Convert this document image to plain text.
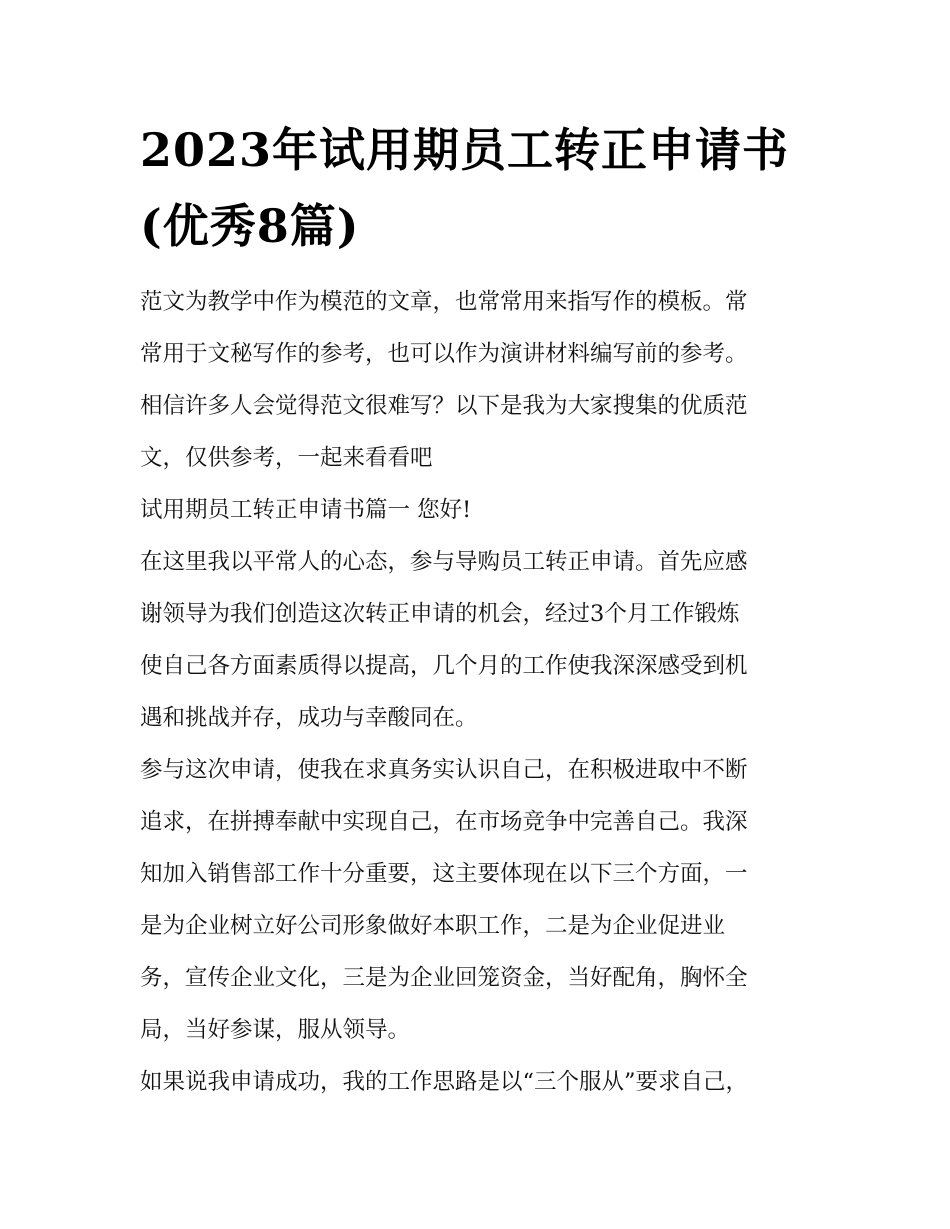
2023年试用期员工转正申请书
(优秀8篇)
范文为教学中作为模范的文章，也常常用来指写作的模板。常
常用于文秘写作的参考，也可以作为演讲材料编写前的参考。
相信许多人会觉得范文很难写？以下是我为大家搜集的优质范
文，仅供参考，一起来看看吧
试用期员工转正申请书篇一 您好!
在这里我以平常人的心态，参与导购员工转正申请。首先应感
谢领导为我们创造这次转正申请的机会，经过3个月工作锻炼
使自己各方面素质得以提高，几个月的工作使我深深感受到机
遇和挑战并存，成功与幸酸同在。
参与这次申请，使我在求真务实认识自己，在积极进取中不断
追求，在拼搏奉献中实现自己，在市场竞争中完善自己。我深
知加入销售部工作十分重要，这主要体现在以下三个方面，一
是为企业树立好公司形象做好本职工作，二是为企业促进业
务，宣传企业文化，三是为企业回笼资金，当好配角，胸怀全
局，当好参谋，服从领导。
如果说我申请成功，我的工作思路是以“三个服从”要求自己，
